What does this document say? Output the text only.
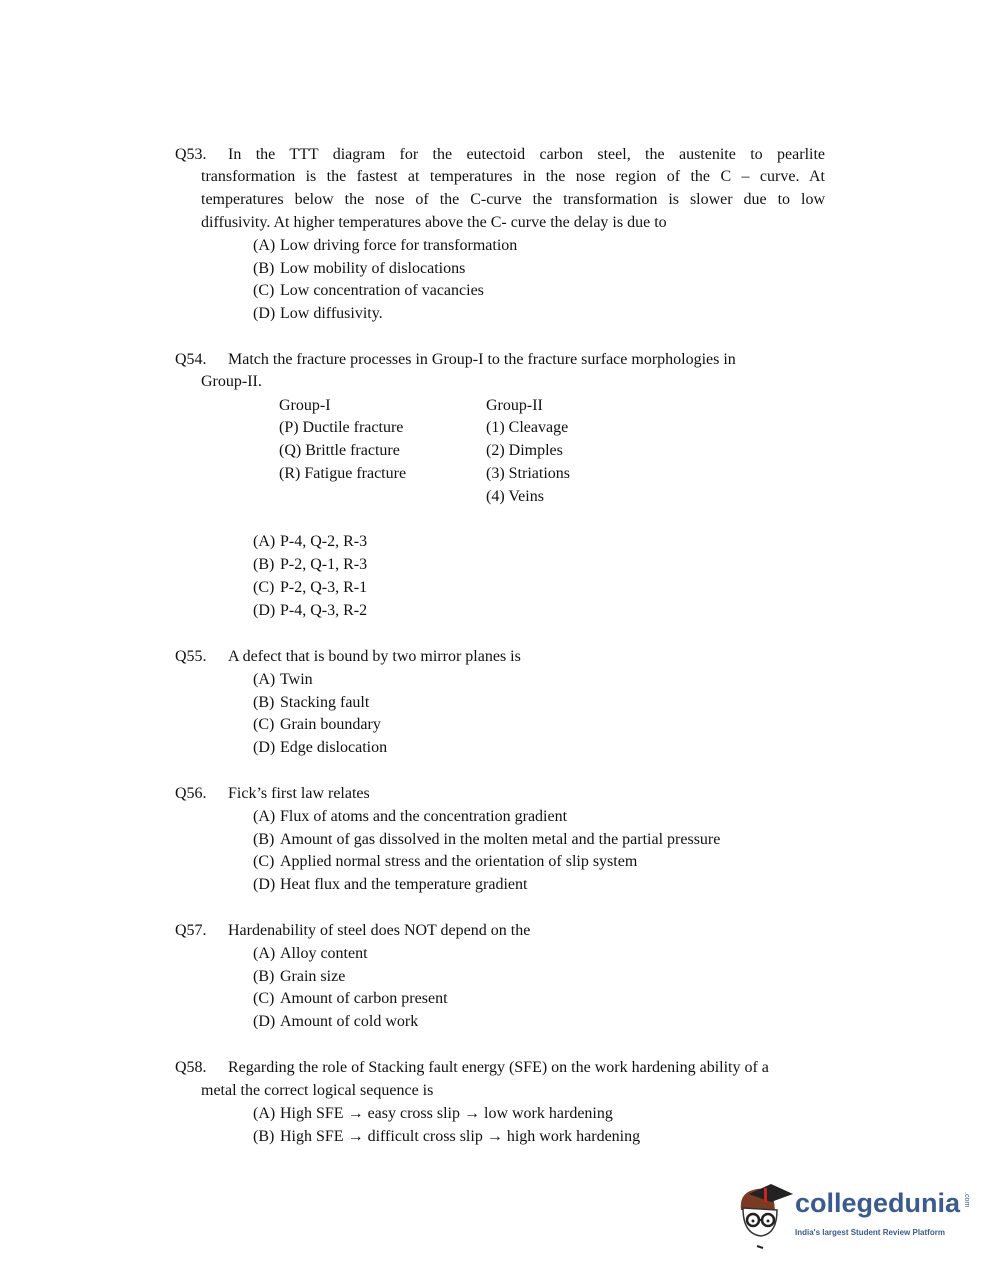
Q53. In the TTT diagram for the eutectoid carbon steel, the austenite to pearlite
transformation is the fastest at temperatures in the nose region of the C – curve. At
temperatures below the nose of the C-curve the transformation is slower due to low
diffusivity. At higher temperatures above the C- curve the delay is due to
(A) Low driving force for transformation
(B) Low mobility of dislocations
(C) Low concentration of vacancies
(D) Low diffusivity.
Q54. Match the fracture processes in Group-I to the fracture surface morphologies in
Group-II.
Group-I
(P) Ductile fracture
(Q) Brittle fracture
(R) Fatigue fracture
Group-II
(1) Cleavage
(2) Dimples
(3) Striations
(4) Veins
(A) P-4, Q-2, R-3
(B) P-2, Q-1, R-3
(C) P-2, Q-3, R-1
(D) P-4, Q-3, R-2
Q55. A defect that is bound by two mirror planes is
(A) Twin
(B) Stacking fault
(C) Grain boundary
(D) Edge dislocation
Q56. Fick’s first law relates
(A) Flux of atoms and the concentration gradient
(B) Amount of gas dissolved in the molten metal and the partial pressure
(C) Applied normal stress and the orientation of slip system
(D) Heat flux and the temperature gradient
Q57. Hardenability of steel does NOT depend on the
(A) Alloy content
(B) Grain size
(C) Amount of carbon present
(D) Amount of cold work
Q58. Regarding the role of Stacking fault energy (SFE) on the work hardening ability of a
metal the correct logical sequence is
(A) High SFE → easy cross slip → low work hardening
(B) High SFE → difficult cross slip → high work hardening
collegedunia .com
India's largest Student Review Platform
